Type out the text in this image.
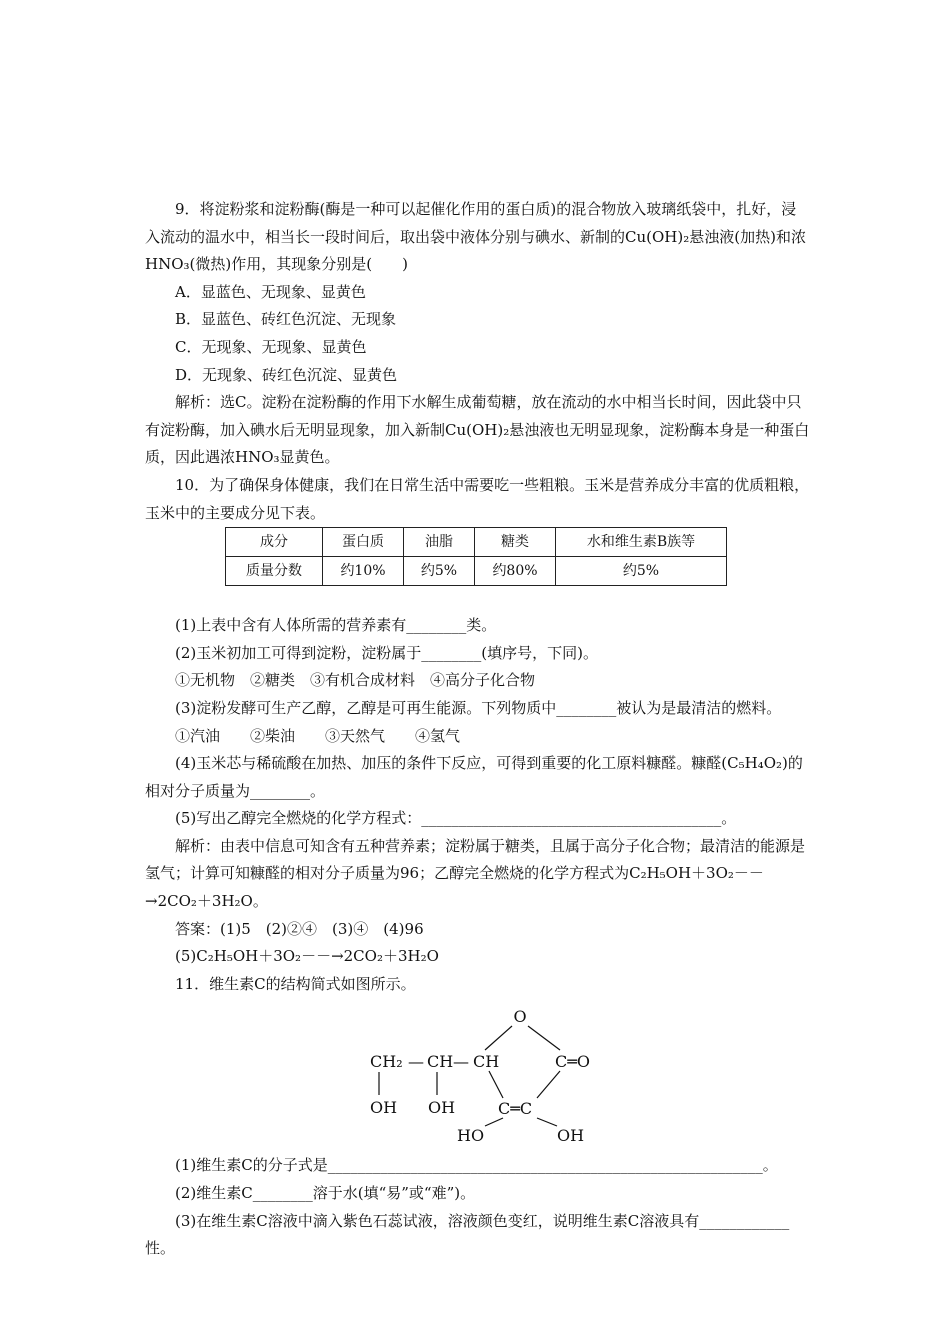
9．将淀粉浆和淀粉酶(酶是一种可以起催化作用的蛋白质)的混合物放入玻璃纸袋中，扎好，浸入流动的温水中，相当长一段时间后，取出袋中液体分别与碘水、新制的Cu(OH)₂悬浊液(加热)和浓HNO₃(微热)作用，其现象分别是(　　)

A．显蓝色、无现象、显黄色

B．显蓝色、砖红色沉淀、无现象

C．无现象、无现象、显黄色

D．无现象、砖红色沉淀、显黄色

解析：选C。淀粉在淀粉酶的作用下水解生成葡萄糖，放在流动的水中相当长时间，因此袋中只有淀粉酶，加入碘水后无明显现象，加入新制Cu(OH)₂悬浊液也无明显现象，淀粉酶本身是一种蛋白质，因此遇浓HNO₃显黄色。

10．为了确保身体健康，我们在日常生活中需要吃一些粗粮。玉米是营养成分丰富的优质粗粮，玉米中的主要成分见下表。

成分	蛋白质	油脂	糖类	水和维生素B族等
质量分数	约10%	约5%	约80%	约5%

(1)上表中含有人体所需的营养素有________类。

(2)玉米初加工可得到淀粉，淀粉属于________(填序号，下同)。

①无机物　②糖类　③有机合成材料　④高分子化合物

(3)淀粉发酵可生产乙醇，乙醇是可再生能源。下列物质中________被认为是最清洁的燃料。

①汽油　　②柴油　　③天然气　　④氢气

(4)玉米芯与稀硫酸在加热、加压的条件下反应，可得到重要的化工原料糠醛。糠醛(C₅H₄O₂)的相对分子质量为________。

(5)写出乙醇完全燃烧的化学方程式：________________________________________。

解析：由表中信息可知含有五种营养素；淀粉属于糖类，且属于高分子化合物；最清洁的能源是氢气；计算可知糠醛的相对分子质量为96；乙醇完全燃烧的化学方程式为C₂H₅OH＋3O₂－－→2CO₂＋3H₂O。

答案：(1)5　(2)②④　(3)④　(4)96

(5)C₂H₅OH＋3O₂－－→2CO₂＋3H₂O

11．维生素C的结构简式如图所示。

O
CH₂ — CH — CH	C═O
C═C
OH OH
HO	OH

(1)维生素C的分子式是__________________________________________________________。

(2)维生素C________溶于水(填“易”或“难”)。

(3)在维生素C溶液中滴入紫色石蕊试液，溶液颜色变红，说明维生素C溶液具有____________性。
